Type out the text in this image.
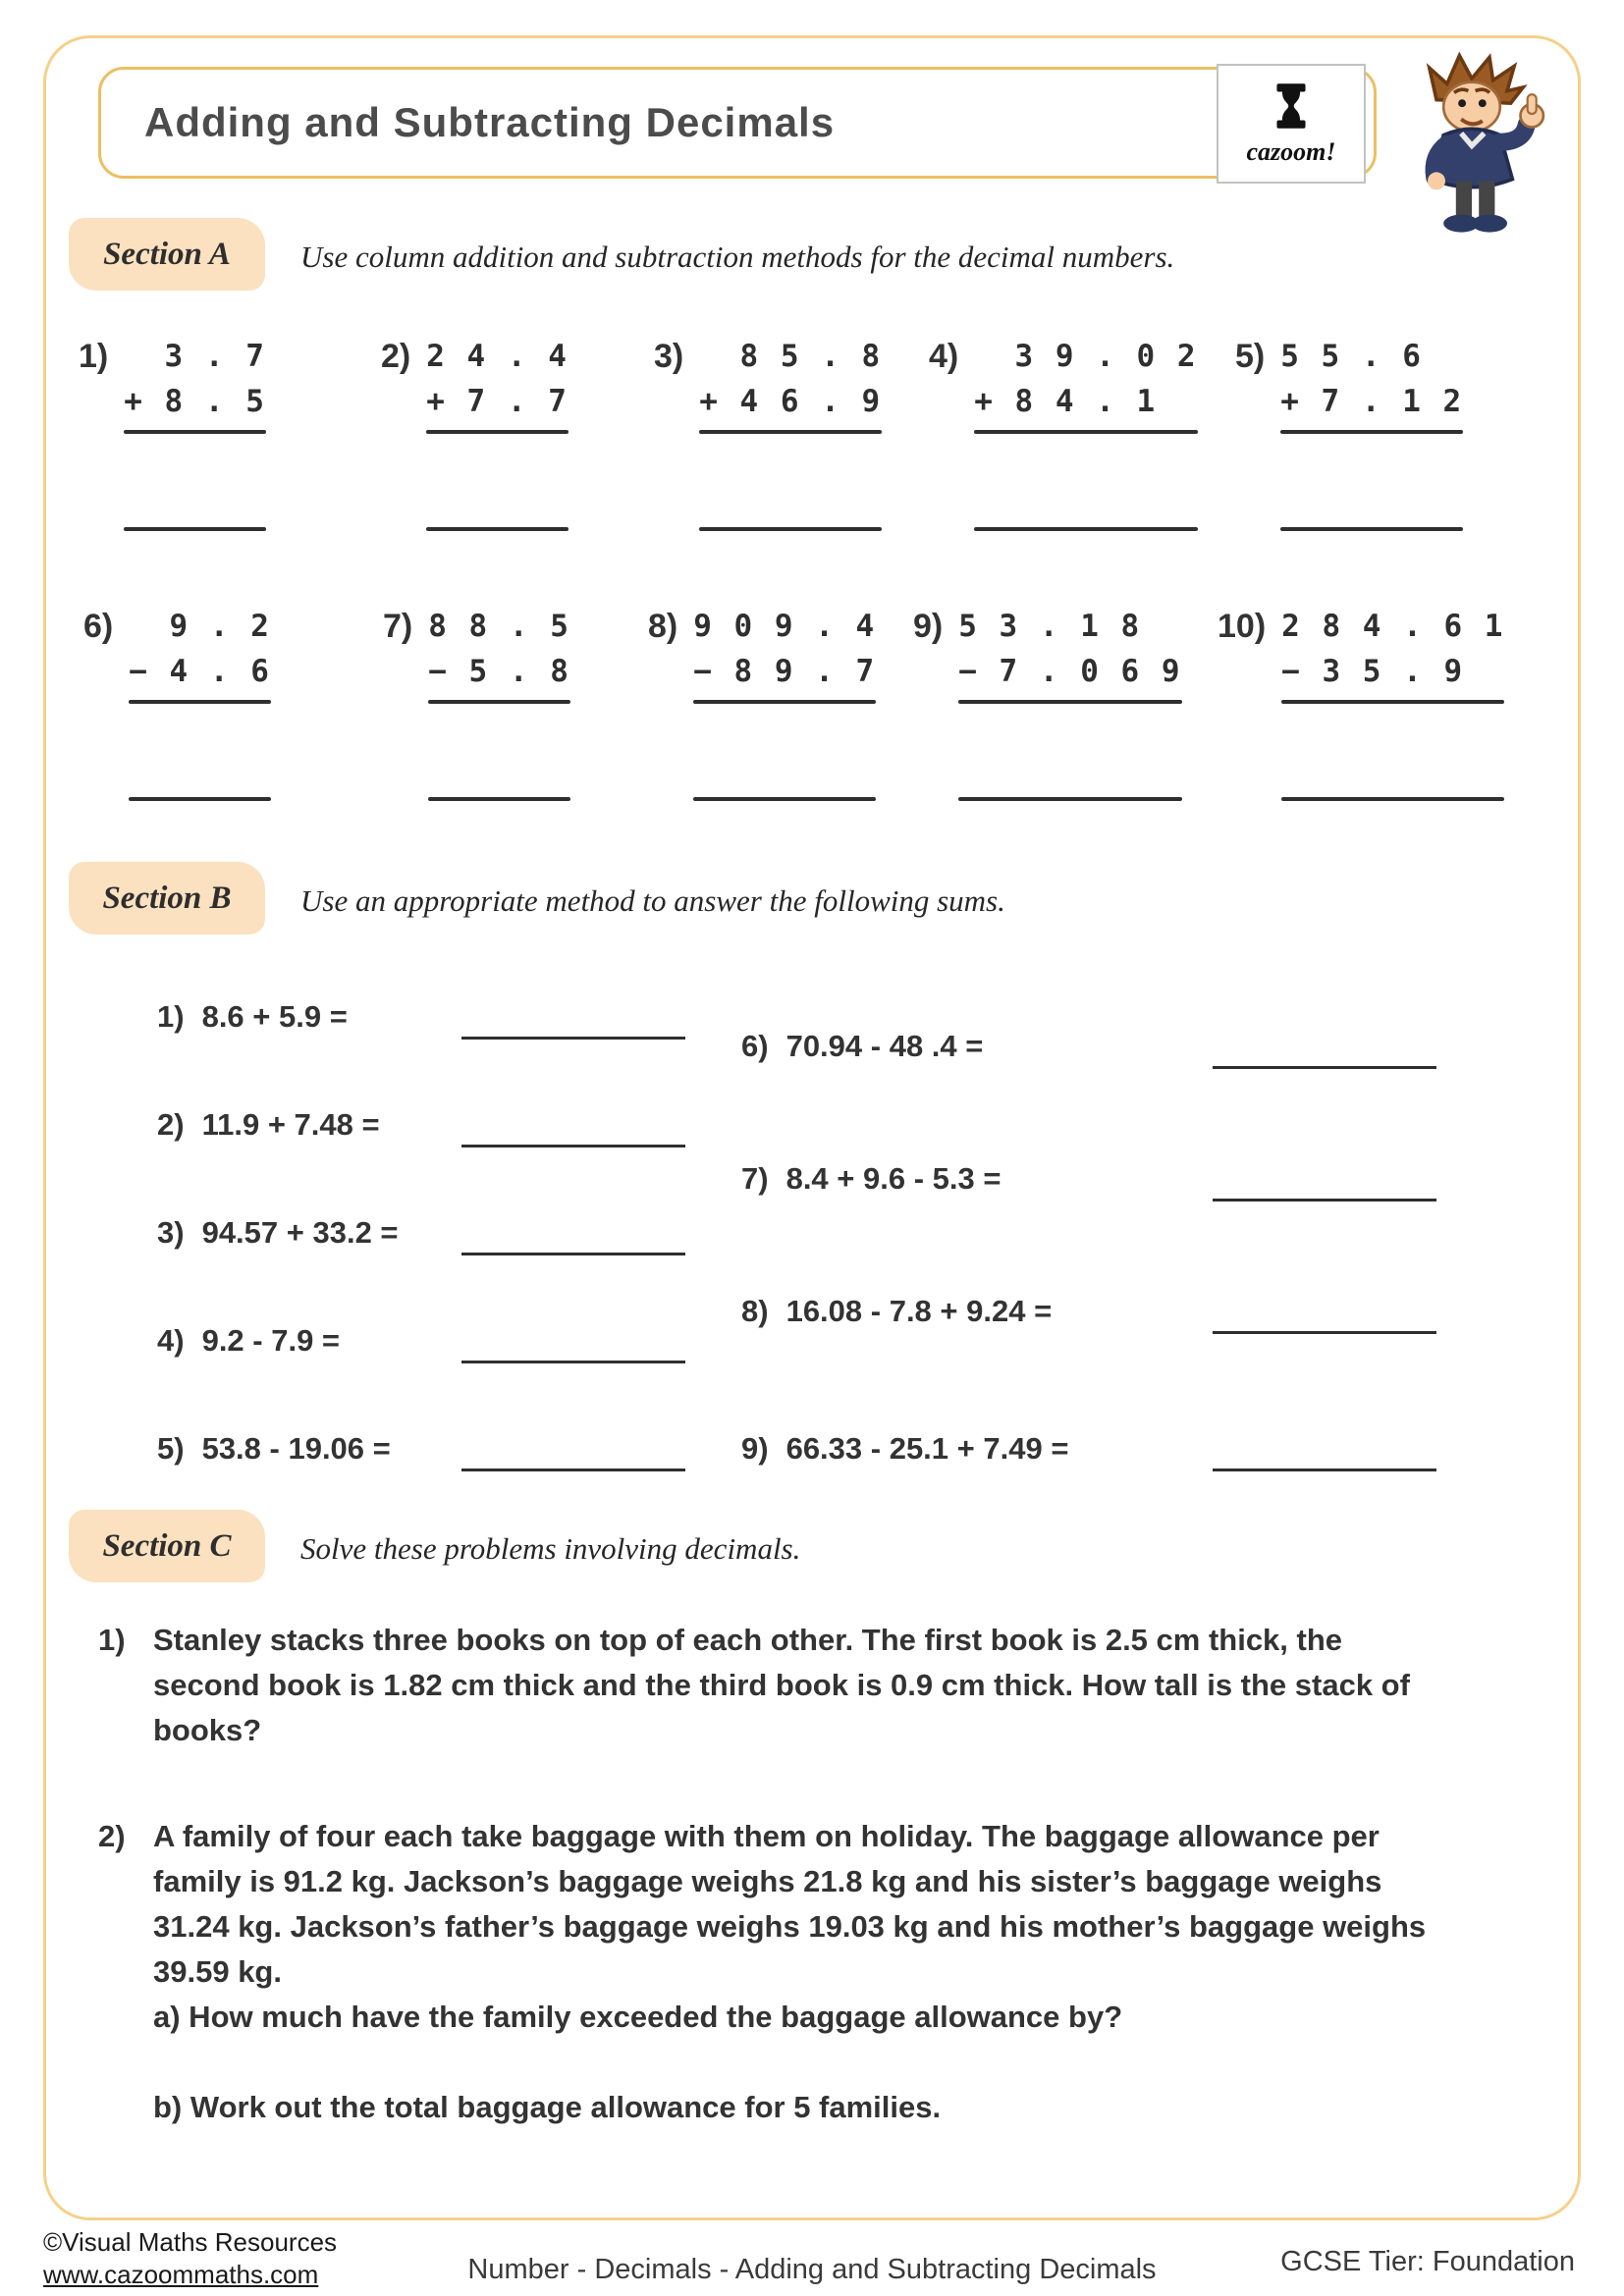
Adding and Subtracting Decimals
cazoom!
Section A Use column addition and subtraction methods for the decimal numbers.
1) 3 . 7
+ 8 . 5
2) 2 4 . 4
+ 7 . 7
3) 8 5 . 8
+ 4 6 . 9
4) 3 9 . 0 2
+ 8 4 . 1
5) 5 5 . 6
+ 7 . 1 2
6) 9 . 2
− 4 . 6
7) 8 8 . 5
− 5 . 8
8) 9 0 9 . 4
− 8 9 . 7
9) 5 3 . 1 8
− 7 . 0 6 9
10) 2 8 4 . 6 1
− 3 5 . 9
Section B Use an appropriate method to answer the following sums.
1) 8.6 + 5.9 =
2) 11.9 + 7.48 =
3) 94.57 + 33.2 =
4) 9.2 - 7.9 =
5) 53.8 - 19.06 =
6) 70.94 - 48 .4 =
7) 8.4 + 9.6 - 5.3 =
8) 16.08 - 7.8 + 9.24 =
9) 66.33 - 25.1 + 7.49 =
Section C Solve these problems involving decimals.
1) Stanley stacks three books on top of each other. The first book is 2.5 cm thick, the second book is 1.82 cm thick and the third book is 0.9 cm thick. How tall is the stack of books?
2) A family of four each take baggage with them on holiday. The baggage allowance per family is 91.2 kg. Jackson’s baggage weighs 21.8 kg and his sister’s baggage weighs 31.24 kg. Jackson’s father’s baggage weighs 19.03 kg and his mother’s baggage weighs 39.59 kg.
a) How much have the family exceeded the baggage allowance by?
b) Work out the total baggage allowance for 5 families.
©Visual Maths Resources
www.cazoommaths.com	Number - Decimals - Adding and Subtracting Decimals	GCSE Tier: Foundation
